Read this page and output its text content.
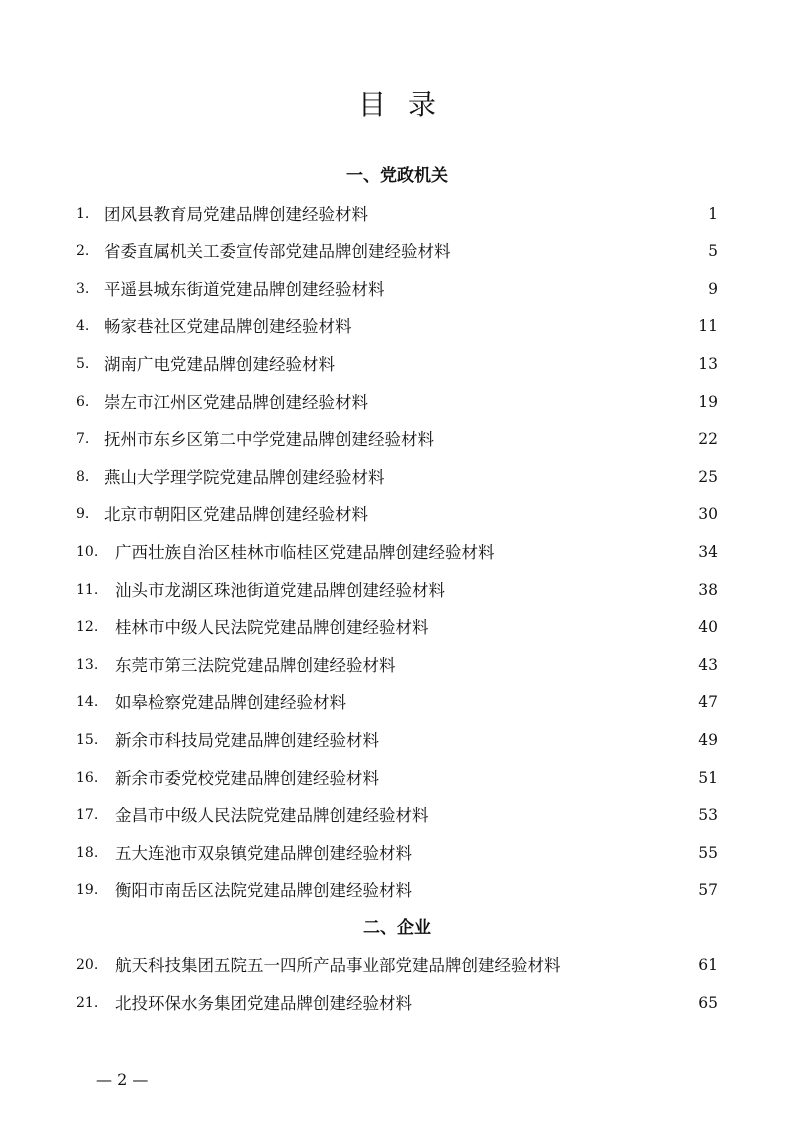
目录
一、党政机关
1. 团风县教育局党建品牌创建经验材料	1
2. 省委直属机关工委宣传部党建品牌创建经验材料	5
3. 平遥县城东街道党建品牌创建经验材料	9
4. 畅家巷社区党建品牌创建经验材料	11
5. 湖南广电党建品牌创建经验材料	13
6. 崇左市江州区党建品牌创建经验材料	19
7. 抚州市东乡区第二中学党建品牌创建经验材料	22
8. 燕山大学理学院党建品牌创建经验材料	25
9. 北京市朝阳区党建品牌创建经验材料	30
10. 广西壮族自治区桂林市临桂区党建品牌创建经验材料	34
11. 汕头市龙湖区珠池街道党建品牌创建经验材料	38
12. 桂林市中级人民法院党建品牌创建经验材料	40
13. 东莞市第三法院党建品牌创建经验材料	43
14. 如皋检察党建品牌创建经验材料	47
15. 新余市科技局党建品牌创建经验材料	49
16. 新余市委党校党建品牌创建经验材料	51
17. 金昌市中级人民法院党建品牌创建经验材料	53
18. 五大连池市双泉镇党建品牌创建经验材料	55
19. 衡阳市南岳区法院党建品牌创建经验材料	57
二、企业
20. 航天科技集团五院五一四所产品事业部党建品牌创建经验材料	61
21. 北投环保水务集团党建品牌创建经验材料	65
— 2 —
